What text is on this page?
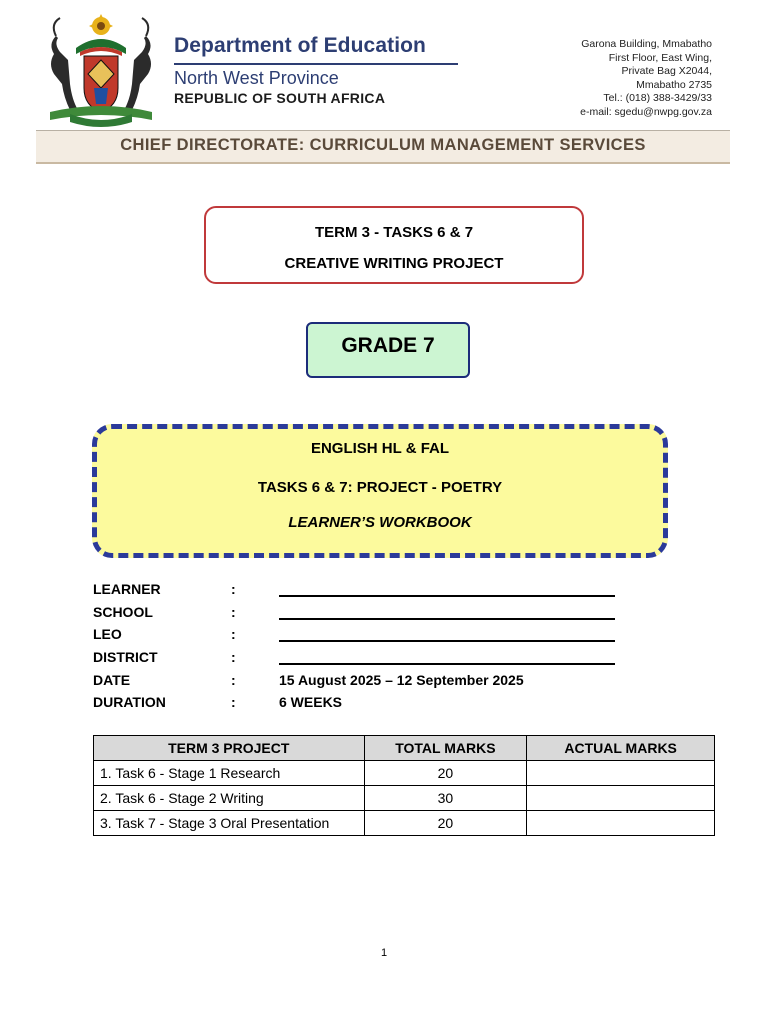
Department of Education
North West Province
REPUBLIC OF SOUTH AFRICA
Garona Building, Mmabatho
First Floor, East Wing,
Private Bag X2044,
Mmabatho 2735
Tel.: (018) 388-3429/33
e-mail: sgedu@nwpg.gov.za
CHIEF DIRECTORATE: CURRICULUM MANAGEMENT SERVICES
TERM 3 - TASKS 6 & 7
CREATIVE WRITING PROJECT
GRADE 7
ENGLISH HL & FAL
TASKS 6 & 7: PROJECT - POETRY
LEARNER’S WORKBOOK
LEARNER	:
SCHOOL	:
LEO	:
DISTRICT	:
DATE	:	15 August 2025 – 12 September 2025
DURATION	:	6 WEEKS
TERM 3 PROJECT	TOTAL MARKS	ACTUAL MARKS
1. Task 6 - Stage 1 Research	20	
2. Task 6 - Stage 2 Writing	30	
3. Task 7 - Stage 3 Oral Presentation	20	
1
